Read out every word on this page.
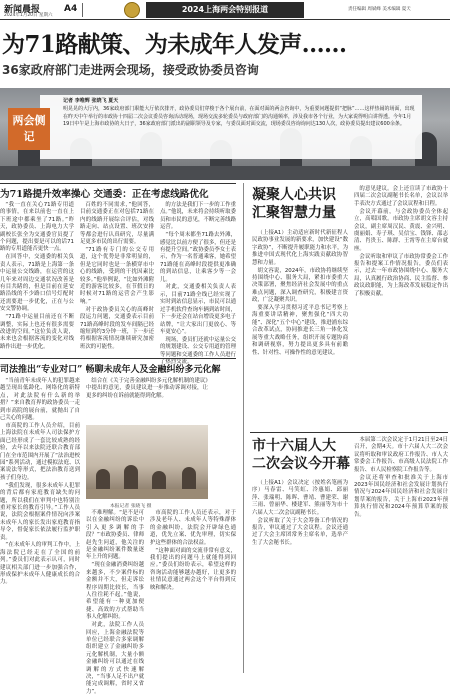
新闻晨报
2024年1月20日 星期六
A4	2024上海两会特别报道	责任编辑 周斌峰 美术编辑 夏天
为71路献策、为未成年人发声……
36家政府部门走进两会现场，接受政协委员咨询
记者 李唯辉 张晓飞 夏天
明晃晃的大厅内，36家政府部门职能大厅依次排开，政协委员们穿梭于各个展台前，在面对面的两会咨询中，为重要问题提供“把脉”……这样热闹的场面，出现在昨天中午举行的市政协十四届二次会议委员咨询活动现场，现场交流多轮委员与政府部门的沟通频率，涉及我市各个行业，为大家说得明白讲得透。今年1月19日中午是上海市政协的大日子，36家政府部门派出的副职领导及专家，与委员面对面交流，现场委员咨询询问达130人次，政协委员提出建议600余条。
两会侧记
为71路提升效率操心 交通委：正在考虑线路优化

“我一直在关心71路专用道的事情，在来以前也一直在上下班途中都乘坐了71路。”昨天，政协委员、上海电力大学副校长张全为交通委官员提了个问题，提出要是可以的话71路的专用道能否更快一点。

在回答中，交通委的相关负责人表示，71路是上海第一条中运量公交线路，在运营的这几年来对周边交通状况改善是有目共睹的，但是目前在延安路沿线的不少路口信号灯配时还需要进一步优化，正在与公安交警协调。

“71路中运量目前还在不断调整，实际上也还有很多需要改进的空间。”这位负责人说，未来也会根据客流的变化对线路作出进一步优化。

百姓的不同需求，”他回答，目前交通委正在对包括71路在内的线路开展综合评估，对线路走向、站点设置、班次安排等都会进行认真研究，尽量满足更多市民的出行需要。

“71路有专门的公交专用道，这个优势是非常明显的，但是它同时也是一条横穿市中心的线路，受到的干扰因素比较多。”他举例说，“比如外滩附近的游客比较多，在节假日的时候对71路的运营会产生影响。”

对于政协委员关心的高峰时段运力问题，交通委表示目前71路高峰时段的发车间隔已经缩短到约3分钟一班，下一步还将根据客流情况继续研究加密班次的可能性。

的方法是我们下一步的工作重点。”他说，未来将会持续听取委员和市民的意见，不断完善线路运营。

“每个周末都坐71路去外滩，感觉比以前方便了很多，但还是有提升空间。”政协委员李女士表示，作为一名普通乘客，她希望71路能在高峰时段提供更准确的到站信息，让乘客少等一会儿。

对此，交通委相关负责人表示，目前71路全线已经实现了实时到站信息显示，市民可以通过手机软件查询车辆到站时间，下一步还会在站台增设更多电子站牌，“让大家出门更放心、等车更安心”。

现场，委员们还就中运量公交的规划建设、公交专用道的管理等问题和交通委的工作人员进行了热烈交流。

司法推出“专业对口” 畅聊未成年人及金融纠纷多元化解

“当前青年未成年人的犯罪越来越呈现出低龄化、网络化的新特点，对此法院有什么新的举措？”来自教育界的政协委员一走到市高院的展台前，就抛出了自己关心的问题。

市高院的工作人员介绍，目前上海法院在未成年人司法保护方面已经形成了一套比较成熟的经验，去年以来法院还联合教育部门在全市范围内开展了“法治进校园”系列活动，通过模拟法庭、以案说法等形式，把法治教育送到孩子们身边。

“我们发现，很多未成年人犯罪的背后都有家庭教育缺失的问题，所以我们在审判中也特别注重对家长的教育引导。”工作人员说，法院会根据案件情况向涉案未成年人的家长发出家庭教育指导令，督促家长依法履行监护职责。

“在未成年人的审判工作中，上海法院已经走在了全国的前列。”委员们对此表示认可，同时建议相关部门进一步加强合作，形成保护未成年人健康成长的合力。

结合在《关于完善金融纠纷多元化解机制的建议》中提出的意见，委员建议进一步推动诉调对接，让更多的纠纷在诉前就能得到化解。

本报记者 张晓飞 摄

不难理解。“是不是可以在金融纠纷的诉讼中引入更多调解的手段？”市政协委员、律师赵先生问道，他关注的是金融纠纷案件数量逐年上升的问题。

“现在金融消费纠纷越来越多，不少案件标的金额并不大，但走诉讼程序周期比较长，当事人往往耗不起。”他说，希望能有一种更加便捷、高效的方式帮助当事人化解纠纷。

对此，法院工作人员回应，上海金融法院等单位已经联合多家调解组织建立了金融纠纷多元化解机制，大量小额金融纠纷可以通过在线调解的方式快速解决，“当事人足不出户就能完成调解，省时又省力”。

市高院的工作人员还表示，对于涉及老年人、未成年人等特殊群体的金融纠纷，法院会开辟绿色通道，优先立案、优先审理，切实保护这些群体的合法权益。

“这种面对面的交流非常有意义，我们提出的问题马上就能得到回应。”委员们纷纷表示，希望这样的咨询活动能够越办越好，让更多的社情民意通过两会这个平台得到反映和解决。

凝聚人心共识
汇聚智慧力量

（上接A1）主动适应新时代新征程人民政协事业发展的新要求，加快建设“数字政协”，不断提升履职能力和水平，为推进中国式现代化上海实践贡献政协智慧和力量。

胡文容说，2024年，市政协将继续坚持围绕中心、服务大局，紧扣市委重大决策部署，聚焦经济社会发展中的重点难点问题，深入调查研究，积极建言资政，广泛凝聚共识。

要深入学习贯彻习近平总书记考察上海重要讲话精神，聚焦强化“四大功能”、深化“五个中心”建设，推进浦东综合改革试点，协同推进长三角一体化发展等重大战略任务，组织开展专题协商和调研视察，努力提出更多具有前瞻性、针对性、可操作性的意见建议。

的意见建议。会上还宣读了市政协十四届二次会议副秘书长名单，会议以举手表决方式通过了会议议程和日程。

会议开幕前，与会政协委员全体起立，高唱国歌。市政协主席胡文容主持会议，副主席周汉民、黄震、金兴明、虞丽娟、寿子琪、吴信宝、钱锋、邵志清、肖贵玉、陈群、王霄等在主席台就座。

会议听取和审议了市政协常委会工作报告和提案工作情况报告，委员们表示，过去一年市政协围绕中心、服务大局，认真履行政治协商、民主监督、参政议政职能，为上海改革发展稳定作出了积极贡献。

市十六届人大
二次会议今开幕

（上接A1）会议决定（按姓名笔画为序）马春雷、马笑虹、冷惠娟、邱丽萍、张瑞明、陈晖、曹靖、曹建荣、谢三雨、曾丽华、楼建军、熊丽等为市十六届人大二次会议副秘书长。

会议听取了关于大会筹备工作情况的报告，审议通过了大会议程。会议还通过了大会主席团常务主席名单，选举产生了大会秘书长。

本届第二次会议定于1月21日至24日召开，会期4天。市十六届人大二次会议将听取和审议政府工作报告、市人大常委会工作报告、市高级人民法院工作报告、市人民检察院工作报告等。

会议还将审查和批准关于上海市2023年国民经济和社会发展计划执行情况与2024年国民经济和社会发展计划草案的报告，关于上海市2023年预算执行情况和2024年预算草案的报告。
